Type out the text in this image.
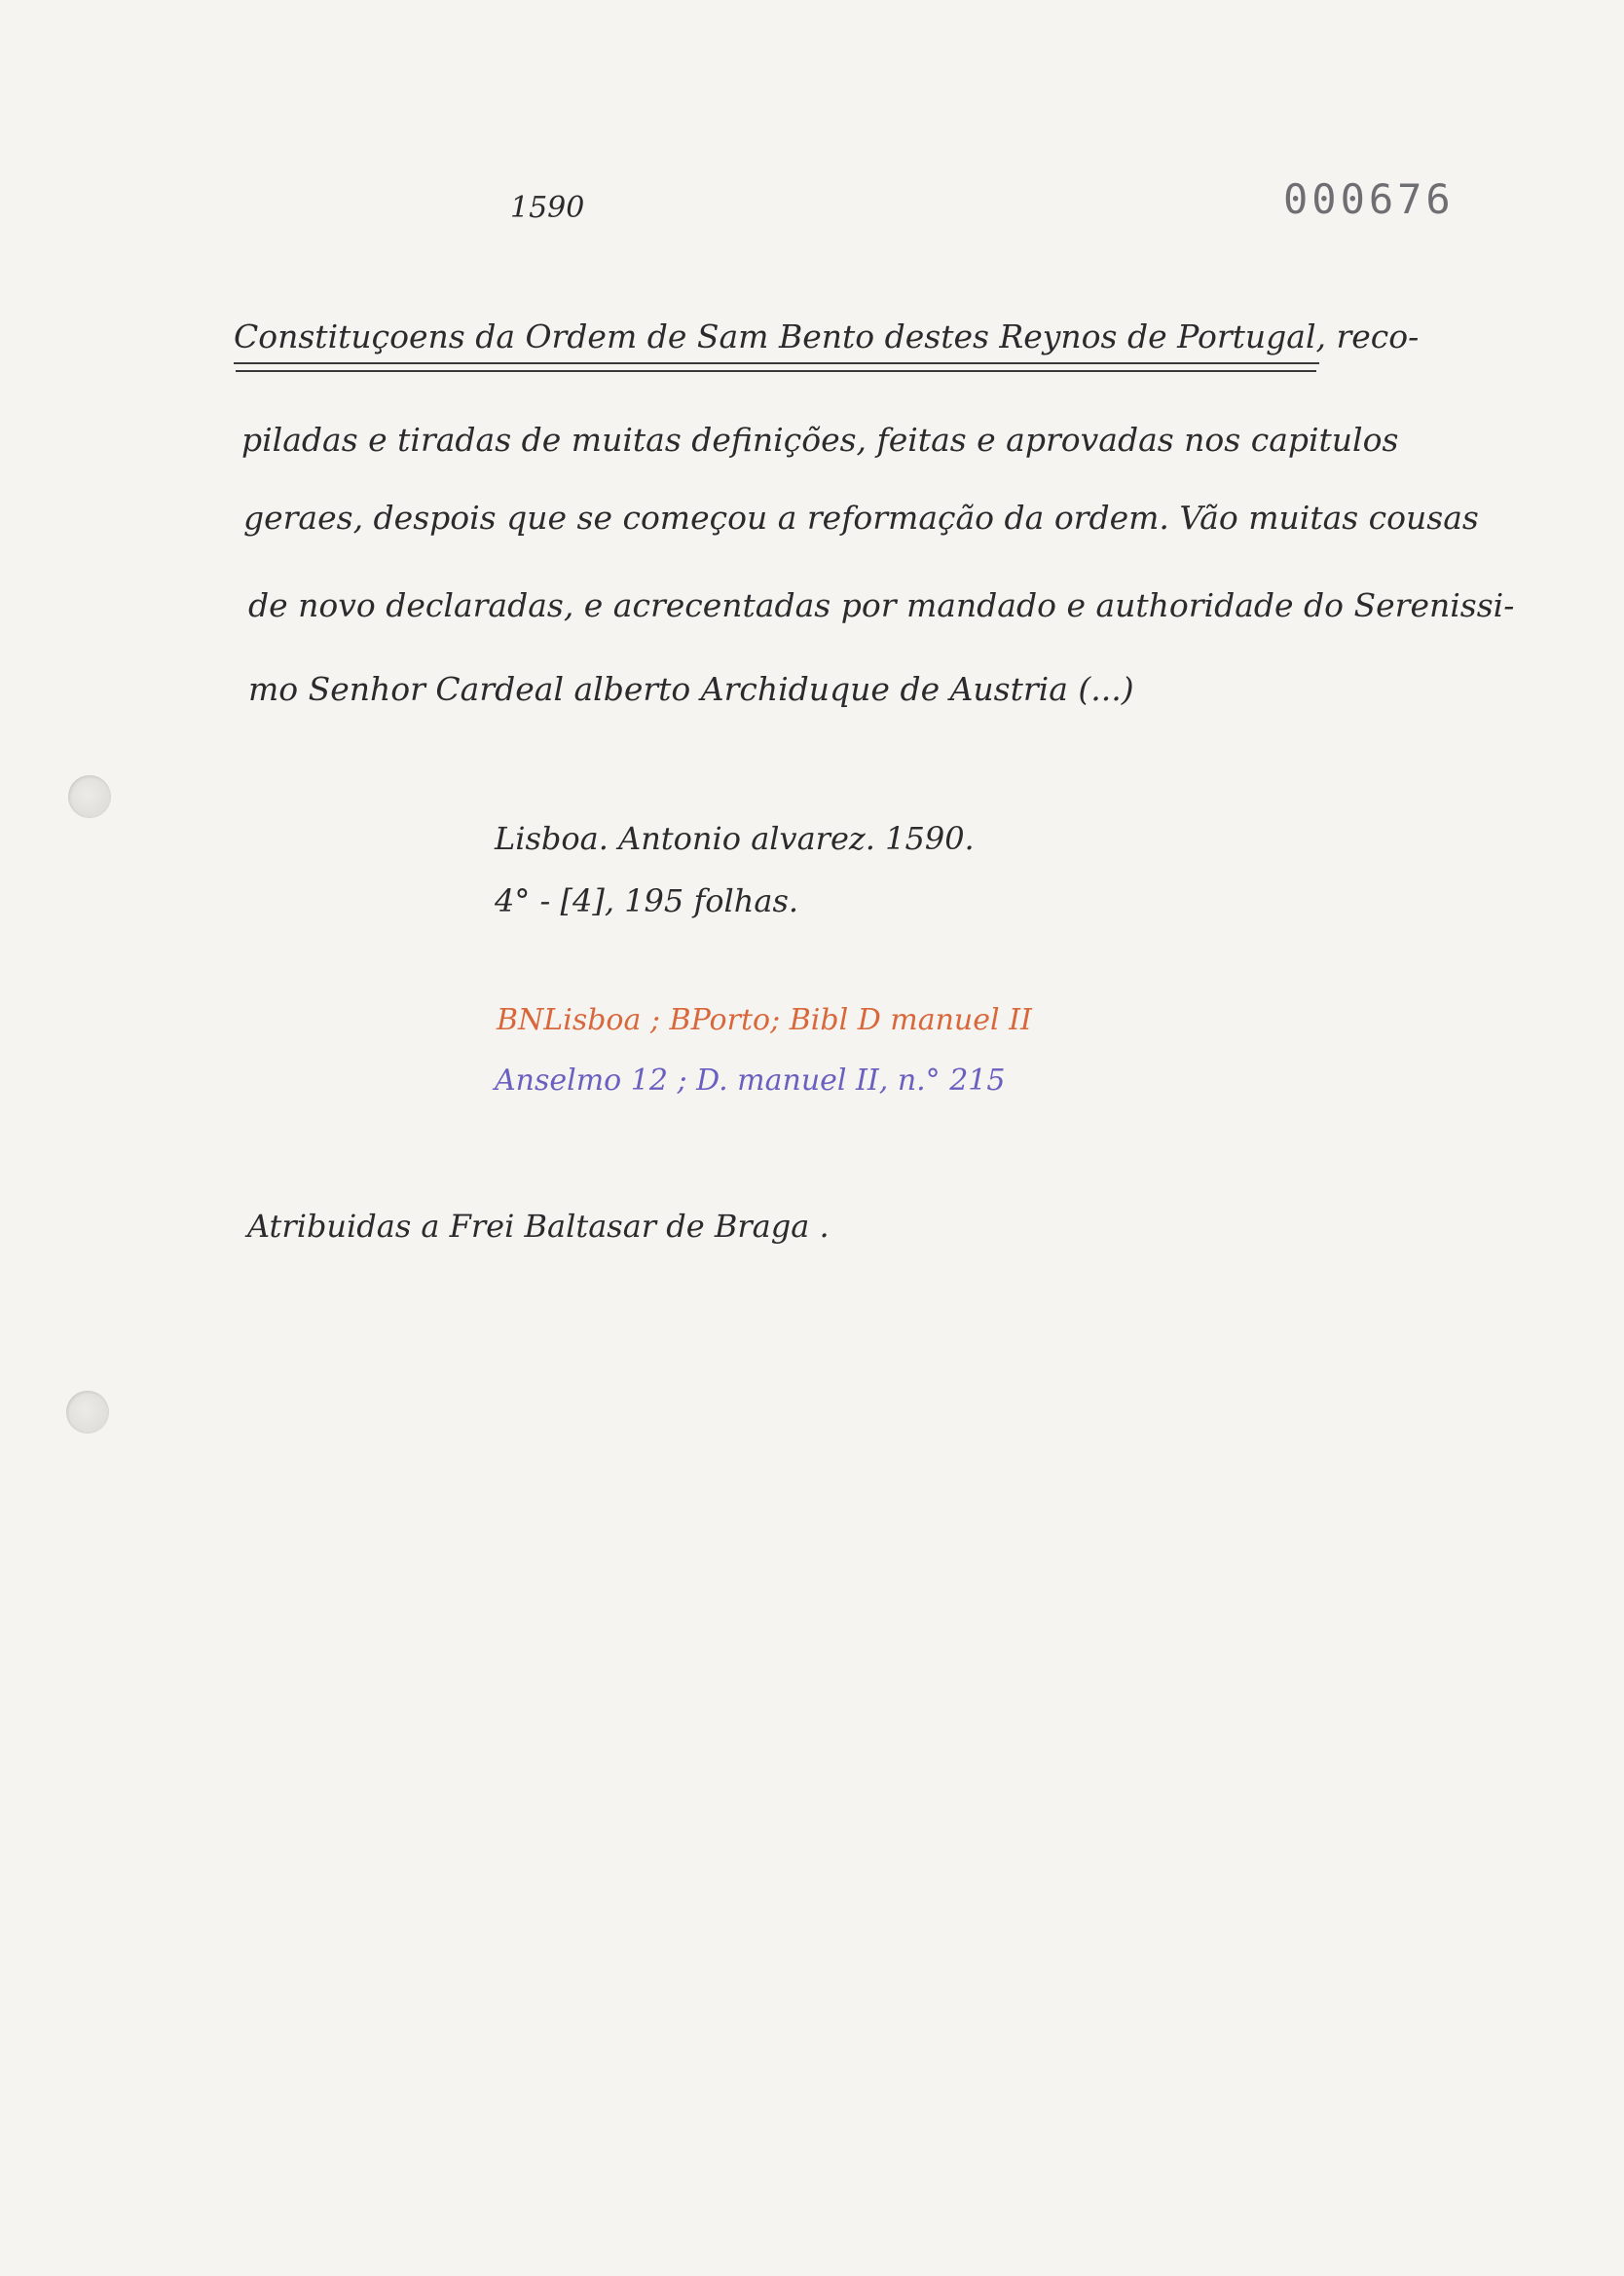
1590	000676
Constituçoens da Ordem de Sam Bento destes Reynos de Portugal, reco-
piladas e tiradas de muitas definições, feitas e aprovadas nos capitulos
geraes, despois que se começou a reformação da ordem. Vão muitas cousas
de novo declaradas, e acrecentadas por mandado e authoridade do Serenissi-
mo Senhor Cardeal alberto Archiduque de Austria (...)
Lisboa. Antonio alvarez. 1590.
4° - [4], 195 folhas.
BNLisboa ; BPorto; Bibl D manuel II
Anselmo 12 ; D. manuel II, n.° 215
Atribuidas a Frei Baltasar de Braga .
